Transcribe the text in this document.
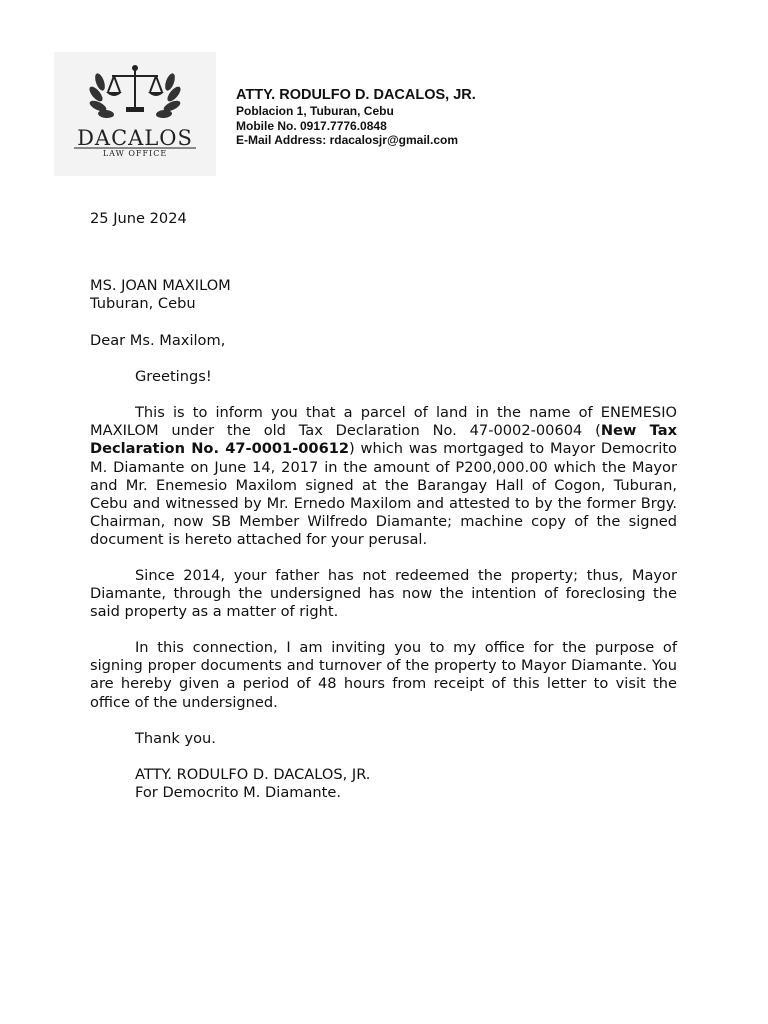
DACALOS
LAW OFFICE
ATTY. RODULFO D. DACALOS, JR.
Poblacion 1, Tuburan, Cebu
Mobile No. 0917.7776.0848
E-Mail Address: rdacalosjr@gmail.com
25 June 2024
MS. JOAN MAXILOM
Tuburan, Cebu
Dear Ms. Maxilom,
Greetings!

This is to inform you that a parcel of land in the name of ENEMESIO MAXILOM under the old Tax Declaration No. 47-0002-00604 (New Tax Declaration No. 47-0001-00612) which was mortgaged to Mayor Democrito M. Diamante on June 14, 2017 in the amount of P200,000.00 which the Mayor and Mr. Enemesio Maxilom signed at the Barangay Hall of Cogon, Tuburan, Cebu and witnessed by Mr. Ernedo Maxilom and attested to by the former Brgy. Chairman, now SB Member Wilfredo Diamante; machine copy of the signed document is hereto attached for your perusal.

Since 2014, your father has not redeemed the property; thus, Mayor Diamante, through the undersigned has now the intention of foreclosing the said property as a matter of right.

In this connection, I am inviting you to my office for the purpose of signing proper documents and turnover of the property to Mayor Diamante. You are hereby given a period of 48 hours from receipt of this letter to visit the office of the undersigned.

Thank you.
ATTY. RODULFO D. DACALOS, JR.
For Democrito M. Diamante.
